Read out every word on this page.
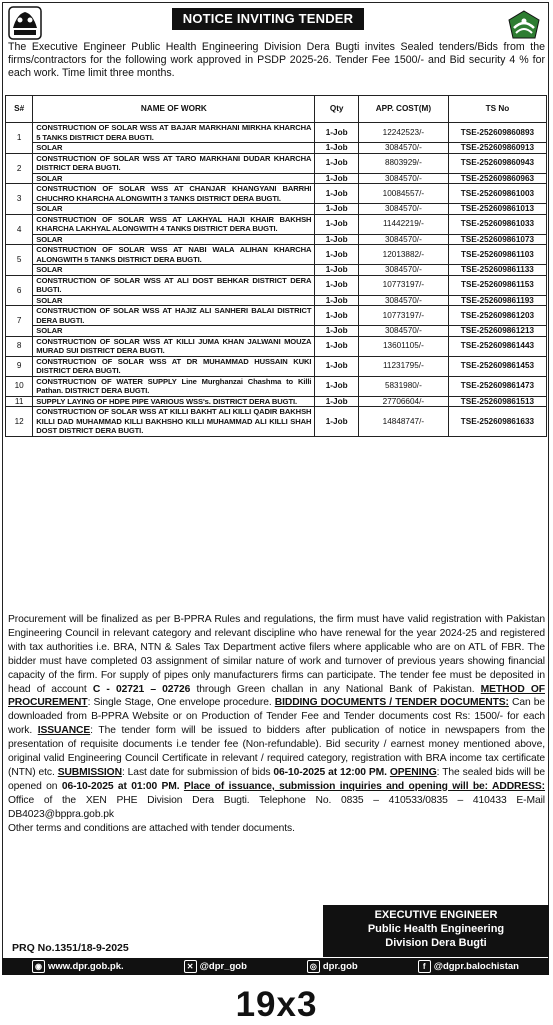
NOTICE INVITING TENDER
The Executive Engineer Public Health Engineering Division Dera Bugti invites Sealed tenders/Bids from the firms/contractors for the following work approved in PSDP 2025-26. Tender Fee 1500/- and Bid security 4 % for each work. Time limit three months.
S#	NAME OF WORK	Qty	APP. COST(M)	TS No
1	CONSTRUCTION OF SOLAR WSS AT BAJAR MARKHANI MIRKHA KHARCHA 5 TANKS DISTRICT DERA BUGTI.	1-Job	12242523/-	TSE-252609860893
	SOLAR	1-Job	3084570/-	TSE-252609860913
2	CONSTRUCTION OF SOLAR WSS AT TARO MARKHANI DUDAR KHARCHA DISTRICT DERA BUGTI.	1-Job	8803929/-	TSE-252609860943
	SOLAR	1-Job	3084570/-	TSE-252609860963
3	CONSTRUCTION OF SOLAR WSS AT CHANJAR KHANGYANI BARRHI CHUCHRO KHARCHA ALONGWITH 3 TANKS DISTRICT DERA BUGTI.	1-Job	10084557/-	TSE-252609861003
	SOLAR	1-Job	3084570/-	TSE-252609861013
4	CONSTRUCTION OF SOLAR WSS AT LAKHYAL HAJI KHAIR BAKHSH KHARCHA LAKHYAL ALONGWITH 4 TANKS DISTRICT DERA BUGTI.	1-Job	11442219/-	TSE-252609861033
	SOLAR	1-Job	3084570/-	TSE-252609861073
5	CONSTRUCTION OF SOLAR WSS AT NABI WALA ALIHAN KHARCHA ALONGWITH 5 TANKS DISTRICT DERA BUGTI.	1-Job	12013882/-	TSE-252609861103
	SOLAR	1-Job	3084570/-	TSE-252609861133
6	CONSTRUCTION OF SOLAR WSS AT ALI DOST BEHKAR DISTRICT DERA BUGTI.	1-Job	10773197/-	TSE-252609861153
	SOLAR	1-Job	3084570/-	TSE-252609861193
7	CONSTRUCTION OF SOLAR WSS AT HAJIZ ALI SANHERI BALAI DISTRICT DERA BUGTI.	1-Job	10773197/-	TSE-252609861203
	SOLAR	1-Job	3084570/-	TSE-252609861213
8	CONSTRUCTION OF SOLAR WSS AT KILLI JUMA KHAN JALWANI MOUZA MURAD SUI DISTRICT DERA BUGTI.	1-Job	13601105/-	TSE-252609861443
9	CONSTRUCTION OF SOLAR WSS AT DR MUHAMMAD HUSSAIN KUKI DISTRICT DERA BUGTI.	1-Job	11231795/-	TSE-252609861453
10	CONSTRUCTION OF WATER SUPPLY Line Murghanzai Chashma to Killi Pathan. DISTRICT DERA BUGTI.	1-Job	5831980/-	TSE-252609861473
11	SUPPLY LAYING OF HDPE PIPE VARIOUS WSS's. DISTRICT DERA BUGTI.	1-Job	27706604/-	TSE-252609861513
12	CONSTRUCTION OF SOLAR WSS AT KILLI BAKHT ALI KILLI QADIR BAKHSH KILLI DAD MUHAMMAD KILLI BAKHSHO KILLI MUHAMMAD ALI KILLI SHAH DOST DISTRICT DERA BUGTI.	1-Job	14848747/-	TSE-252609861633
Procurement will be finalized as per B-PPRA Rules and regulations, the firm must have valid registration with Pakistan Engineering Council in relevant category and relevant discipline who have renewal for the year 2024-25 and registered with tax authorities i.e. BRA, NTN & Sales Tax Department active filers where applicable who are on ATL of FBR. The bidder must have completed 03 assignment of similar nature of work and turnover of previous years showing financial capacity of the firm. For supply of pipes only manufacturers firms can participate. The tender fee must be deposited in head of account C - 02721 – 02726 through Green challan in any National Bank of Pakistan. METHOD OF PROCUREMENT: Single Stage, One envelope procedure. BIDDING DOCUMENTS / TENDER DOCUMENTS: Can be downloaded from B-PPRA Website or on Production of Tender Fee and Tender documents cost Rs: 1500/- for each work. ISSUANCE: The tender form will be issued to bidders after publication of notice in newspapers from the presentation of requisite documents i.e tender fee (Non-refundable). Bid security / earnest money mentioned above, original valid Engineering Council Certificate in relevant / required category, registration with BRA income tax certificate (NTN) etc. SUBMISSION: Last date for submission of bids 06-10-2025 at 12:00 PM. OPENING: The sealed bids will be opened on 06-10-2025 at 01:00 PM. Place of issuance, submission inquiries and opening will be: ADDRESS: Office of the XEN PHE Division Dera Bugti. Telephone No. 0835 – 410533/0835 – 410433 E-Mail DB4023@bppra.gob.pk
Other terms and conditions are attached with tender documents.
EXECUTIVE ENGINEER
Public Health Engineering
Division Dera Bugti
PRQ No.1351/18-9-2025
◉ www.dpr.gob.pk.	✕ @dpr_gob	◎ dpr.gob	f @dgpr.balochistan
19x3
